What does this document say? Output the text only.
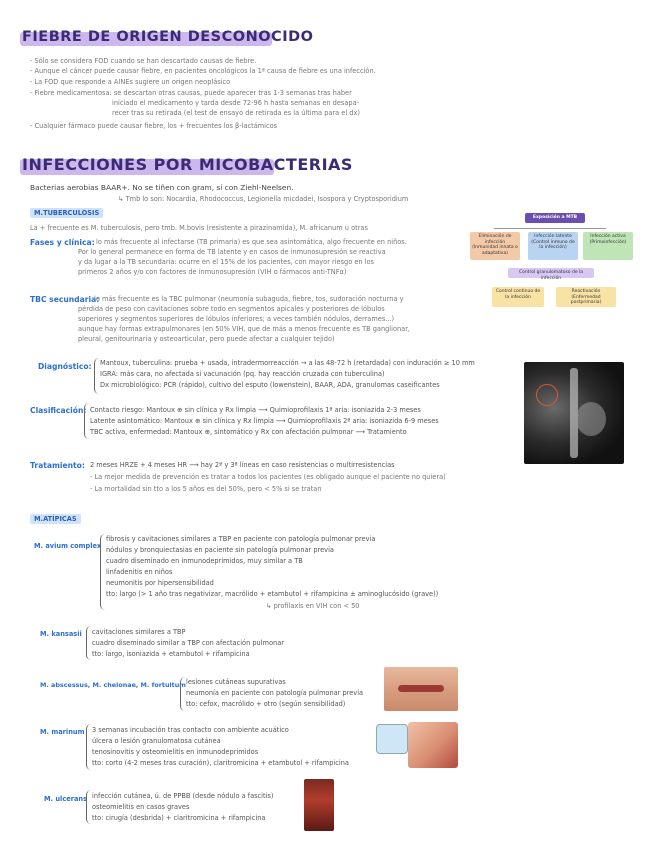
FIEBRE DE ORIGEN DESCONOCIDO
- Sólo se considera FOD cuando se han descartado causas de fiebre.
- Aunque el cáncer puede causar fiebre, en pacientes oncológicos la 1ª causa de fiebre es una infección.
- La FOD que responde a AINEs sugiere un origen neoplásico
- Fiebre medicamentosa: se descartan otras causas, puede aparecer tras 1-3 semanas tras haber
iniciado el medicamento y tarda desde 72-96 h hasta semanas en desapa-
recer tras su retirada (el test de ensayo de retirada es la última para el dx)
- Cualquier fármaco puede causar fiebre, los + frecuentes los β-lactámicos
INFECCIONES POR MICOBACTERIAS
Bacterias aerobias BAAR+. No se tiñen con gram, sí con Ziehl-Neelsen.
↳ Tmb lo son: Nocardia, Rhodococcus, Legionella micdadei, Isospora y Cryptosporidium
M.TUBERCULOSIS
La + frecuente es M. tuberculosis, pero tmb. M.bovis (resistente a pirazinamida), M. africanum u otras
Fases y clínica: lo más frecuente al infectarse (TB primaria) es que sea asintomática, algo frecuente en niños.
Por lo general permanece en forma de TB latente y en casos de inmunosupresión se reactiva
y da lugar a la TB secundaria: ocurre en el 15% de los pacientes, con mayor riesgo en los
primeros 2 años y/o con factores de inmunosupresión (VIH o fármacos anti-TNFα)
Exposición a MTB
Eliminación de infección (Inmunidad innata o adaptativa)
Infección latente (Control inmune de la infección)
Infección activa (Primoinfección)
Control granulomatoso de la infección
Control continuo de la infección
Reactivación (Enfermedad postprimaria)
TBC secundaria:
lo más frecuente es la TBC pulmonar (neumonía subaguda, fiebre, tos, sudoración nocturna y
pérdida de peso con cavitaciones sobre todo en segmentos apicales y posteriores de lóbulos
superiores y segmentos superiores de lóbulos inferiores; a veces también nódulos, derrames...)
aunque hay formas extrapulmonares (en 50% VIH, que de más a menos frecuente es TB ganglionar,
pleural, genitourinaria y osteoarticular, pero puede afectar a cualquier tejido)
Diagnóstico: Mantoux, tuberculina: prueba + usada, intradermorreacción → a las 48-72 h (retardada) con induración ≥ 10 mm
IGRA: más cara, no afectada si vacunación (pq. hay reacción cruzada con tuberculina)
Dx microbiológico: PCR (rápido), cultivo del esputo (lowenstein), BAAR, ADA, granulomas caseificantes
Clasificación: Contacto riesgo: Mantoux ⊕ sin clínica y Rx limpia ⟶ Quimioprofilaxis 1ª aria: isoniazida 2-3 meses
Latente asintomático: Mantoux ⊕ sin clínica y Rx limpia ⟶ Quimioprofilaxis 2ª aria: isoniazida 6-9 meses
TBC activa, enfermedad: Mantoux ⊕, sintomático y Rx con afectación pulmonar ⟶ Tratamiento
Tratamiento: 2 meses HRZE + 4 meses HR ⟶ hay 2ª y 3ª líneas en caso resistencias o multirresistencias
- La mejor medida de prevención es tratar a todos los pacientes (es obligado aunque el paciente no quiera)
- La mortalidad sin tto a los 5 años es del 50%, pero < 5% si se tratan
M.ATÍPICAS
M. avium complex
fibrosis y cavitaciones similares a TBP en paciente con patología pulmonar previa
nódulos y bronquiectasias en paciente sin patología pulmonar previa
cuadro diseminado en inmunodeprimidos, muy similar a TB
linfadenitis en niños
neumonitis por hipersensibilidad
tto: largo (> 1 año tras negativizar, macrólido + etambutol + rifampicina ± aminoglucósido (grave))
↳ profilaxis en VIH con < 50
M. kansasii cavitaciones similares a TBP
cuadro diseminado similar a TBP con afectación pulmonar
tto: largo, isoniazida + etambutol + rifampicina
M. abscessus, M. chelonae, M. fortuitum lesiones cutáneas supurativas
neumonía en paciente con patología pulmonar previa
tto: cefox, macrólido + otro (según sensibilidad)
M. marinum 3 semanas incubación tras contacto con ambiente acuático
úlcera o lesión granulomatosa cutánea
tenosinovitis y osteomielitis en inmunodeprimidos
tto: corto (4-2 meses tras curación), claritromicina + etambutol + rifampicina
M. ulcerans infección cutánea, ú. de PPBB (desde nódulo a fascitis)
osteomielitis en casos graves
tto: cirugía (desbrida) + claritromicina + rifampicina
